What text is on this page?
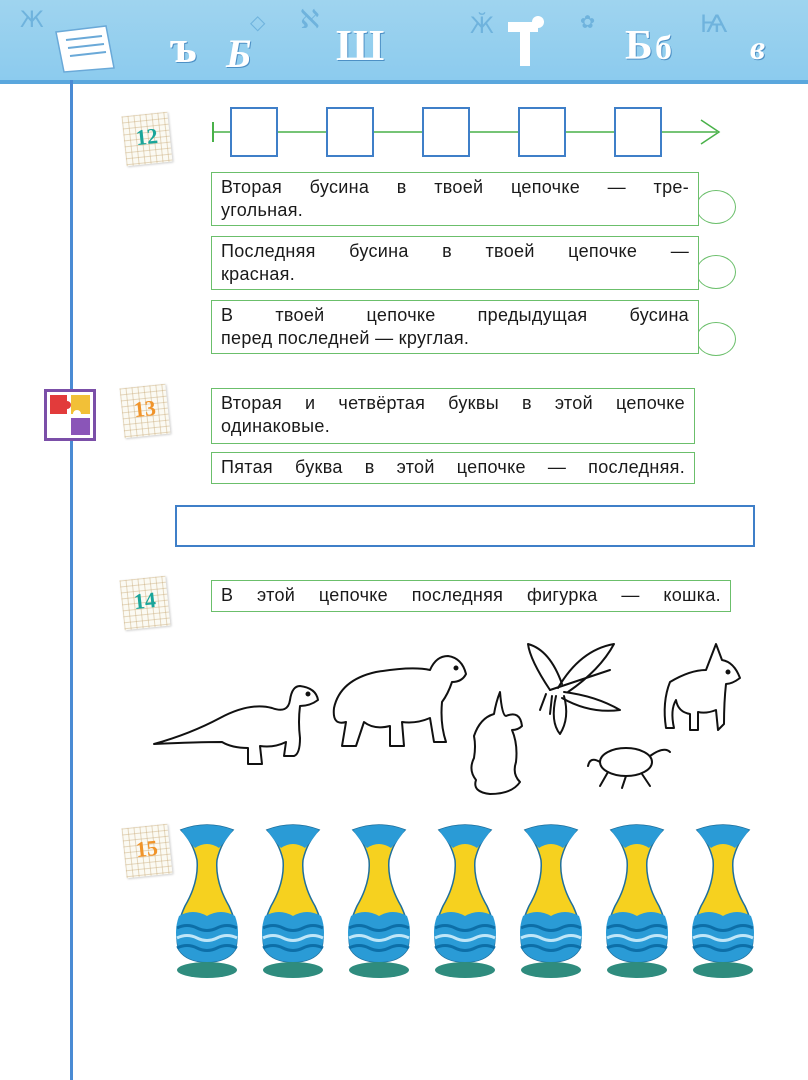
Ж	◇ ℵ	Ӂ	✿	Ѩ
ъ Б Ш	Б б в
12
Вторая бусина в твоей цепочке — тре-
угольная.
Последняя бусина в твоей цепочке —
красная.
В твоей цепочке предыдущая бусина
перед последней — круглая.
13	Вторая и четвёртая буквы в этой цепочке
одинаковые.
Пятая буква в этой цепочке — последняя.
14	В этой цепочке последняя фигурка — кошка.
15
